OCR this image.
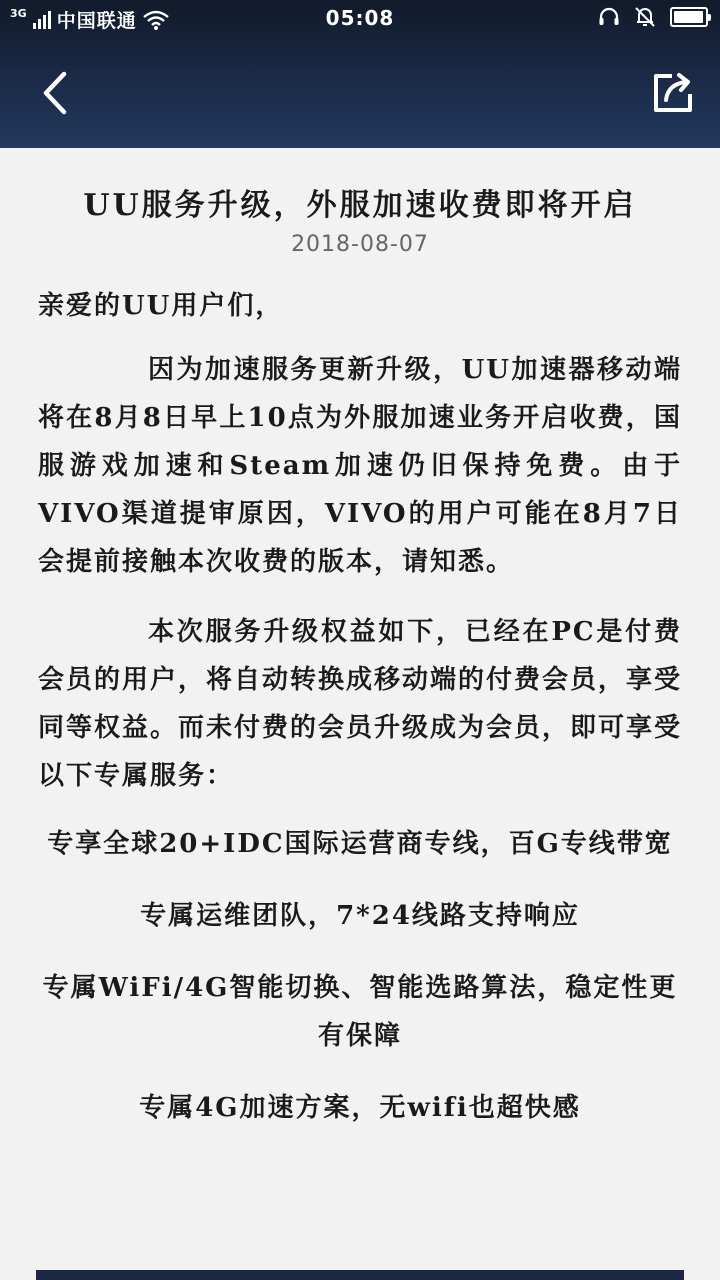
3G 中国联通	05:08
UU服务升级，外服加速收费即将开启
2018-08-07

亲爱的UU用户们，

因为加速服务更新升级，UU加速器移动端将在8月8日早上10点为外服加速业务开启收费，国服游戏加速和Steam加速仍旧保持免费。由于VIVO渠道提审原因，VIVO的用户可能在8月7日会提前接触本次收费的版本，请知悉。

本次服务升级权益如下，已经在PC是付费会员的用户，将自动转换成移动端的付费会员，享受同等权益。而未付费的会员升级成为会员，即可享受以下专属服务：

专享全球20+IDC国际运营商专线，百G专线带宽

专属运维团队，7*24线路支持响应

专属WiFi/4G智能切换、智能选路算法，稳定性更有保障

专属4G加速方案，无wifi也超快感
